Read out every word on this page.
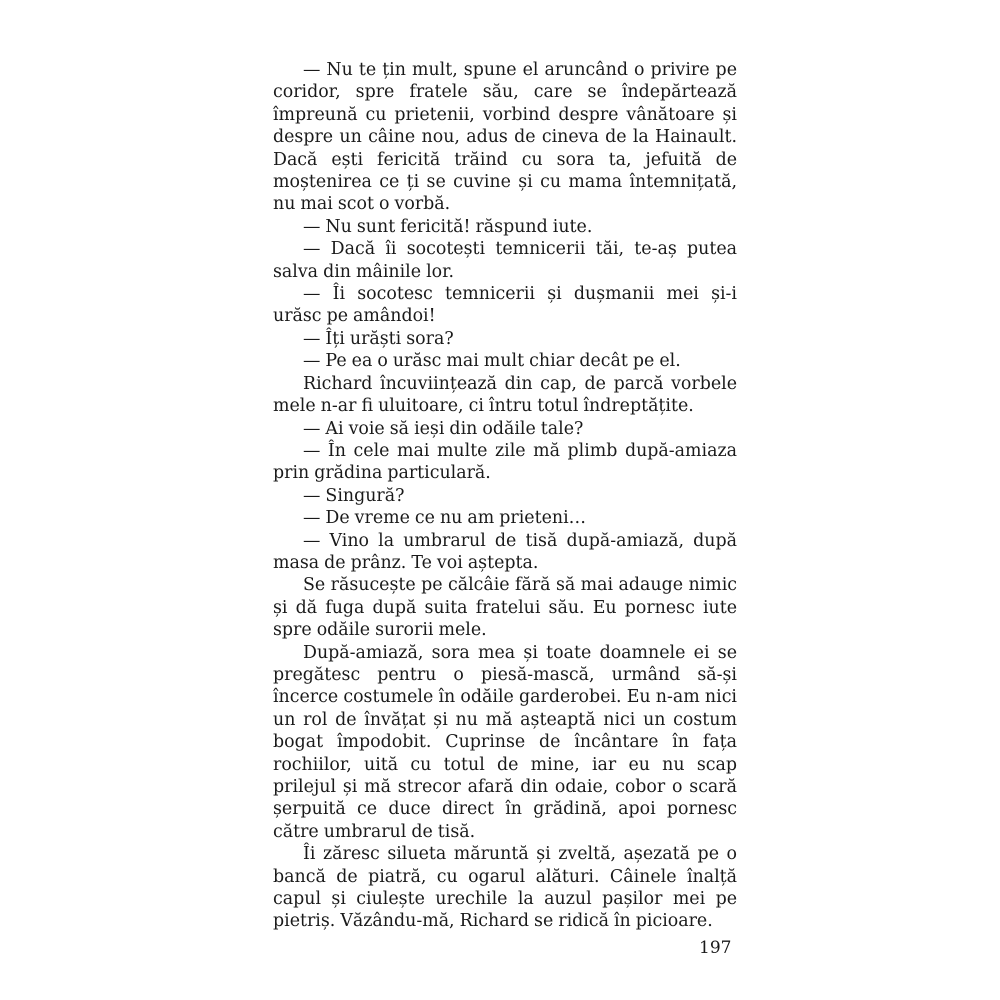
— Nu te țin mult, spune el aruncând o privire pe coridor, spre fratele său, care se îndepărtează împreună cu prietenii, vorbind despre vânătoare și despre un câine nou, adus de cineva de la Hainault. Dacă ești fericită trăind cu sora ta, jefuită de moștenirea ce ți se cuvine și cu mama întemnițată, nu mai scot o vorbă.

— Nu sunt fericită! răspund iute.

— Dacă îi socotești temnicerii tăi, te-aș putea salva din mâinile lor.

— Îi socotesc temnicerii și dușmanii mei și-i urăsc pe amândoi!

— Îți urăști sora?

— Pe ea o urăsc mai mult chiar decât pe el.

Richard încuviințează din cap, de parcă vorbele mele n-ar fi uluitoare, ci întru totul îndreptățite.

— Ai voie să ieși din odăile tale?

— În cele mai multe zile mă plimb după-amiaza prin grădina particulară.

— Singură?

— De vreme ce nu am prieteni…

— Vino la umbrarul de tisă după-amiază, după masa de prânz. Te voi aștepta.

Se răsucește pe călcâie fără să mai adauge nimic și dă fuga după suita fratelui său. Eu pornesc iute spre odăile surorii mele.

După-amiază, sora mea și toate doamnele ei se pregătesc pentru o piesă-mască, urmând să-și încerce costumele în odăile garderobei. Eu n-am nici un rol de învățat și nu mă așteaptă nici un costum bogat împodobit. Cuprinse de încântare în fața rochiilor, uită cu totul de mine, iar eu nu scap prilejul și mă strecor afară din odaie, cobor o scară șerpuită ce duce direct în grădină, apoi pornesc către umbrarul de tisă.

Îi zăresc silueta măruntă și zveltă, așezată pe o bancă de piatră, cu ogarul alături. Câinele înalță capul și ciulește urechile la auzul pașilor mei pe pietriș. Văzându-mă, Richard se ridică în picioare.

197
